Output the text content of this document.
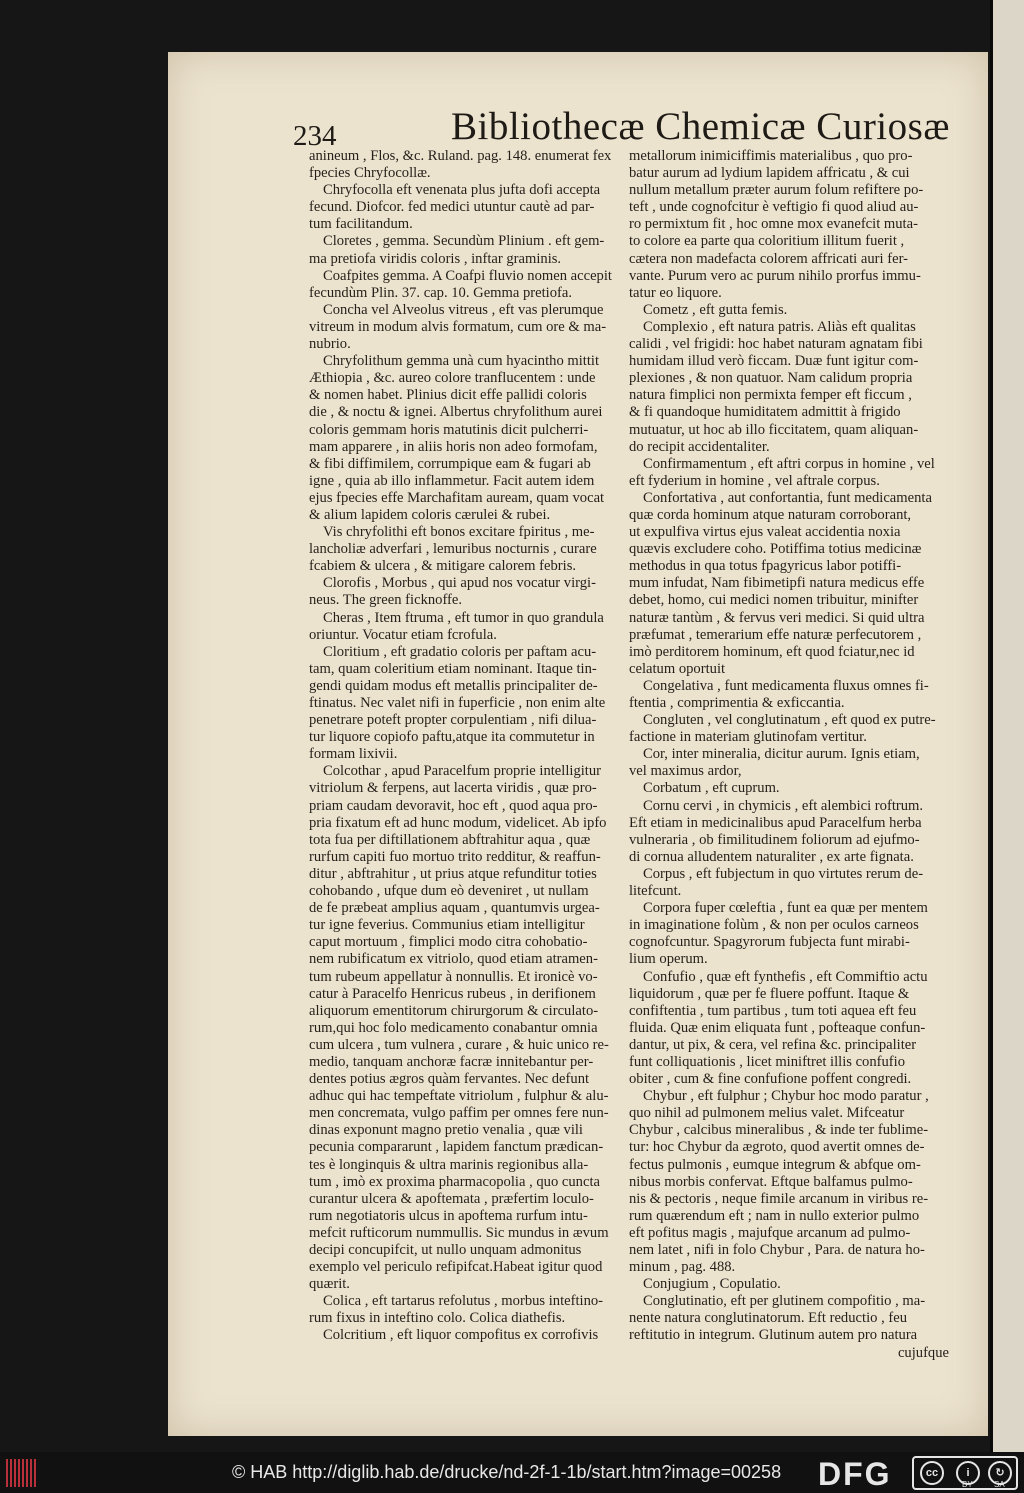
234	Bibliothecæ Chemicæ Curiosæ
anineum , Flos, &c. Ruland. pag. 148. enumerat fex
fpecies Chryfocollæ.
Chryfocolla eft venenata plus jufta dofi accepta
fecund. Diofcor. fed medici utuntur cautè ad par-
tum facilitandum.
Cloretes , gemma. Secundùm Plinium . eft gem-
ma pretiofa viridis coloris , inftar graminis.
Coafpites gemma. A Coafpi fluvio nomen accepit
fecundùm Plin. 37. cap. 10. Gemma pretiofa.
Concha vel Alveolus vitreus , eft vas plerumque
vitreum in modum alvis formatum, cum ore & ma-
nubrio.
Chryfolithum gemma unà cum hyacintho mittit
Æthiopia , &c. aureo colore tranflucentem : unde
& nomen habet. Plinius dicit effe pallidi coloris
die , & noctu & ignei. Albertus chryfolithum aurei
coloris gemmam horis matutinis dicit pulcherri-
mam apparere , in aliis horis non adeo formofam,
& fibi diffimilem, corrumpique eam & fugari ab
igne , quia ab illo inflammetur. Facit autem idem
ejus fpecies effe Marchafitam auream, quam vocat
& alium lapidem coloris cærulei & rubei.
Vis chryfolithi eft bonos excitare fpiritus , me-
lancholiæ adverfari , lemuribus nocturnis , curare
fcabiem & ulcera , & mitigare calorem febris.
Clorofis , Morbus , qui apud nos vocatur virgi-
neus. The green ficknoffe.
Cheras , Item ftruma , eft tumor in quo grandula
oriuntur. Vocatur etiam fcrofula.
Cloritium , eft gradatio coloris per paftam acu-
tam, quam coleritium etiam nominant. Itaque tin-
gendi quidam modus eft metallis principaliter de-
ftinatus. Nec valet nifi in fuperficie , non enim alte
penetrare poteft propter corpulentiam , nifi dilua-
tur liquore copiofo paftu,atque ita commutetur in
formam lixivii.
Colcothar , apud Paracelfum proprie intelligitur
vitriolum & ferpens, aut lacerta viridis , quæ pro-
priam caudam devoravit, hoc eft , quod aqua pro-
pria fixatum eft ad hunc modum, videlicet. Ab ipfo
tota fua per diftillationem abftrahitur aqua , quæ
rurfum capiti fuo mortuo trito redditur, & reaffun-
ditur , abftrahitur , ut prius atque refunditur toties
cohobando , ufque dum eò deveniret , ut nullam
de fe præbeat amplius aquam , quantumvis urgea-
tur igne feverius. Communius etiam intelligitur
caput mortuum , fimplici modo citra cohobatio-
nem rubificatum ex vitriolo, quod etiam atramen-
tum rubeum appellatur à nonnullis. Et ironicè vo-
catur à Paracelfo Henricus rubeus , in derifionem
aliquorum ementitorum chirurgorum & circulato-
rum,qui hoc folo medicamento conabantur omnia
cum ulcera , tum vulnera , curare , & huic unico re-
medio, tanquam anchoræ facræ innitebantur per-
dentes potius ægros quàm fervantes. Nec defunt
adhuc qui hac tempeftate vitriolum , fulphur & alu-
men concremata, vulgo paffim per omnes fere nun-
dinas exponunt magno pretio venalia , quæ vili
pecunia compararunt , lapidem fanctum prædican-
tes è longinquis & ultra marinis regionibus alla-
tum , imò ex proxima pharmacopolia , quo cuncta
curantur ulcera & apoftemata , præfertim loculo-
rum negotiatoris ulcus in apoftema rurfum intu-
mefcit rufticorum nummullis. Sic mundus in ævum
decipi concupifcit, ut nullo unquam admonitus
exemplo vel periculo refipifcat.Habeat igitur quod
quærit.
Colica , eft tartarus refolutus , morbus inteftino-
rum fixus in inteftino colo. Colica diathefis.
Colcritium , eft liquor compofitus ex corrofivis
metallorum inimiciffimis materialibus , quo pro-
batur aurum ad lydium lapidem affricatu , & cui
nullum metallum præter aurum folum refiftere po-
teft , unde cognofcitur è veftigio fi quod aliud au-
ro permixtum fit , hoc omne mox evanefcit muta-
to colore ea parte qua coloritium illitum fuerit ,
cætera non madefacta colorem affricati auri fer-
vante. Purum vero ac purum nihilo prorfus immu-
tatur eo liquore.
Cometz , eft gutta femis.
Complexio , eft natura patris. Aliàs eft qualitas
calidi , vel frigidi: hoc habet naturam agnatam fibi
humidam illud verò ficcam. Duæ funt igitur com-
plexiones , & non quatuor. Nam calidum propria
natura fimplici non permixta femper eft ficcum ,
& fi quandoque humiditatem admittit à frigido
mutuatur, ut hoc ab illo ficcitatem, quam aliquan-
do recipit accidentaliter.
Confirmamentum , eft aftri corpus in homine , vel
eft fyderium in homine , vel aftrale corpus.
Confortativa , aut confortantia, funt medicamenta
quæ corda hominum atque naturam corroborant,
ut expulfiva virtus ejus valeat accidentia noxia
quævis excludere coho. Potiffima totius medicinæ
methodus in qua totus fpagyricus labor potiffi-
mum infudat, Nam fibimetipfi natura medicus effe
debet, homo, cui medici nomen tribuitur, minifter
naturæ tantùm , & fervus veri medici. Si quid ultra
præfumat , temerarium effe naturæ perfecutorem ,
imò perditorem hominum, eft quod fciatur,nec id
celatum oportuit
Congelativa , funt medicamenta fluxus omnes fi-
ftentia , comprimentia & exficcantia.
Congluten , vel conglutinatum , eft quod ex putre-
factione in materiam glutinofam vertitur.
Cor, inter mineralia, dicitur aurum. Ignis etiam,
vel maximus ardor,
Corbatum , eft cuprum.
Cornu cervi , in chymicis , eft alembici roftrum.
Eft etiam in medicinalibus apud Paracelfum herba
vulneraria , ob fimilitudinem foliorum ad ejufmo-
di cornua alludentem naturaliter , ex arte fignata.
Corpus , eft fubjectum in quo virtutes rerum de-
litefcunt.
Corpora fuper cœleftia , funt ea quæ per mentem
in imaginatione folùm , & non per oculos carneos
cognofcuntur. Spagyrorum fubjecta funt mirabi-
lium operum.
Confufio , quæ eft fynthefis , eft Commiftio actu
liquidorum , quæ per fe fluere poffunt. Itaque &
confiftentia , tum partibus , tum toti aquea eft feu
fluida. Quæ enim eliquata funt , pofteaque confun-
dantur, ut pix, & cera, vel refina &c. principaliter
funt colliquationis , licet miniftret illis confufio
obiter , cum & fine confufione poffent congredi.
Chybur , eft fulphur ; Chybur hoc modo paratur ,
quo nihil ad pulmonem melius valet. Mifceatur
Chybur , calcibus mineralibus , & inde ter fublime-
tur: hoc Chybur da ægroto, quod avertit omnes de-
fectus pulmonis , eumque integrum & abfque om-
nibus morbis confervat. Eftque balfamus pulmo-
nis & pectoris , neque fimile arcanum in viribus re-
rum quærendum eft ; nam in nullo exterior pulmo
eft pofitus magis , majufque arcanum ad pulmo-
nem latet , nifi in folo Chybur , Para. de natura ho-
minum , pag. 488.
Conjugium , Copulatio.
Conglutinatio, eft per glutinem compofitio , ma-
nente natura conglutinatorum. Eft reductio , feu
reftitutio in integrum. Glutinum autem pro natura
cujufque
© HAB http://diglib.hab.de/drucke/nd-2f-1-1b/start.htm?image=00258 DFG	cc	i	↻
BY	SA
